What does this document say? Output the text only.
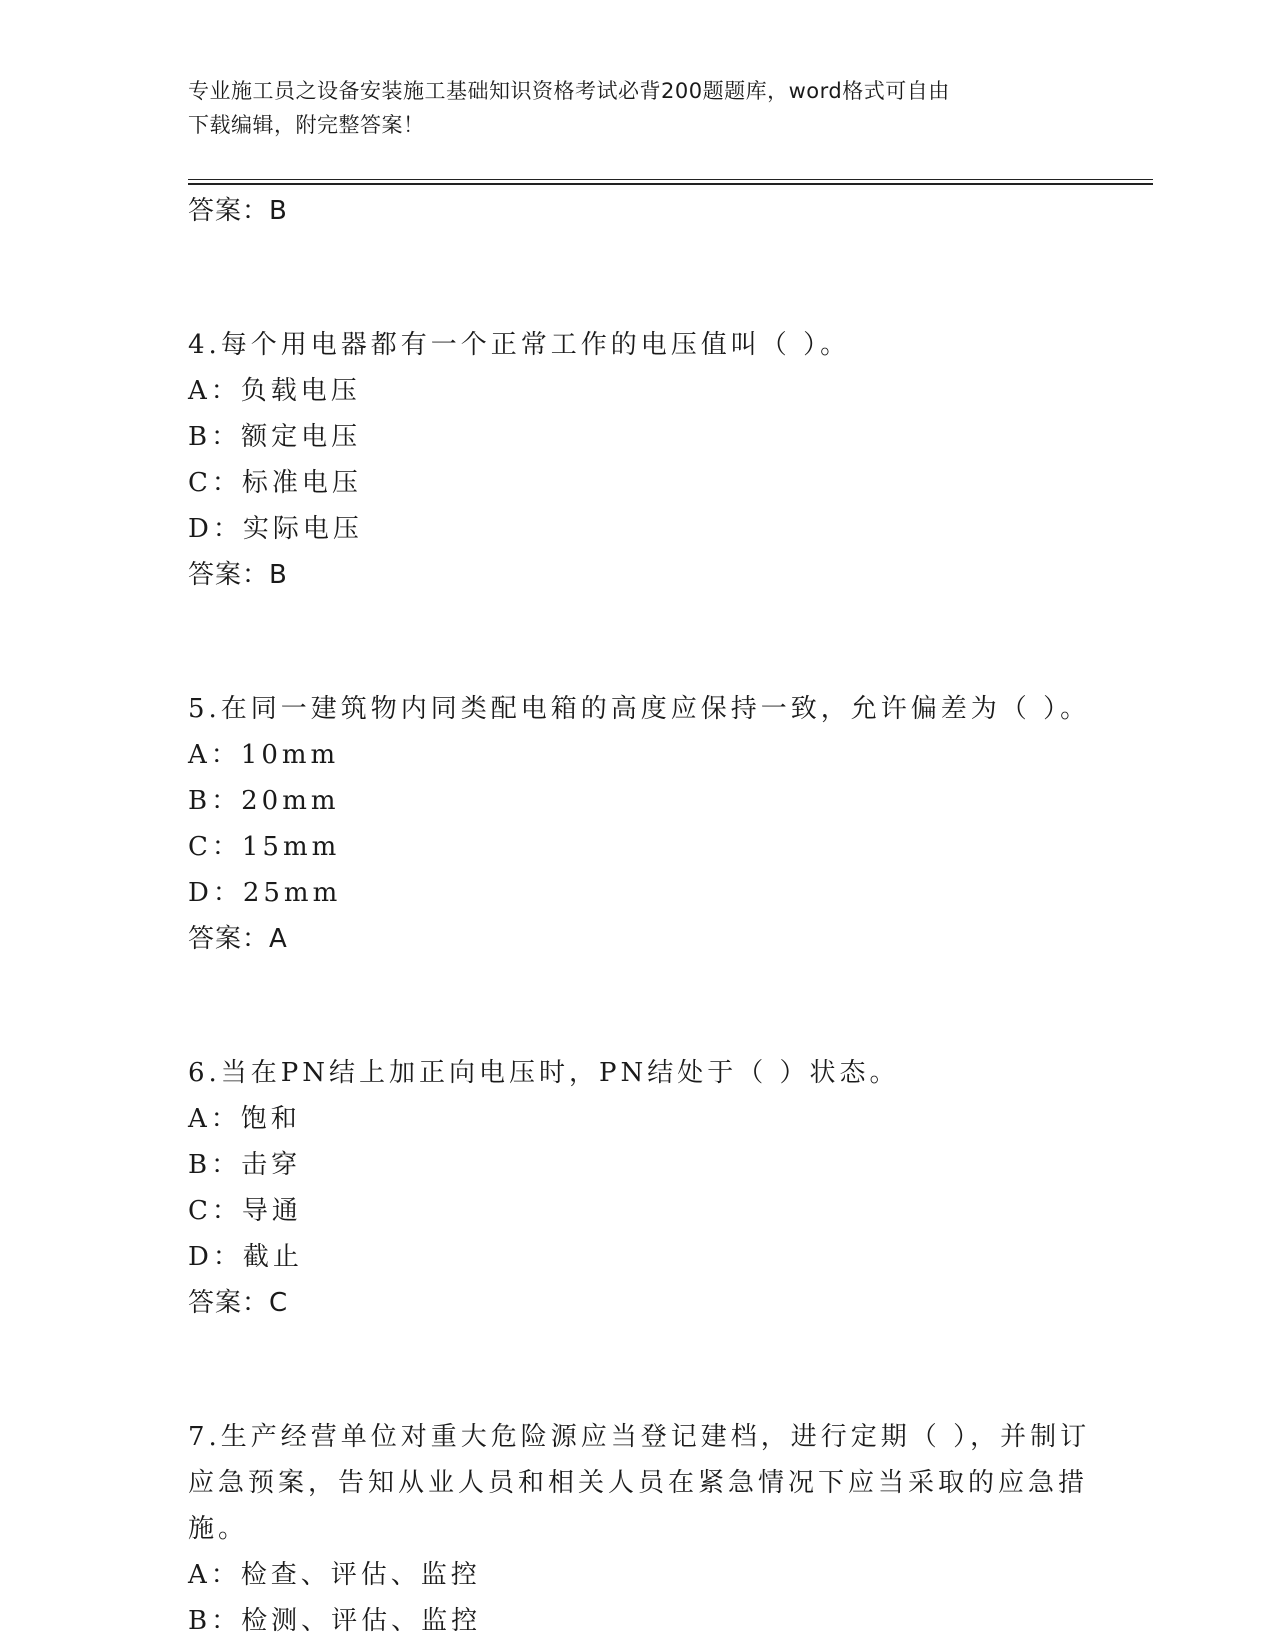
专业施工员之设备安装施工基础知识资格考试必背200题题库，word格式可自由
下载编辑，附完整答案！
答案：B
4.每个用电器都有一个正常工作的电压值叫（ ）。
A：负载电压
B：额定电压
C：标准电压
D：实际电压
答案：B
5.在同一建筑物内同类配电箱的高度应保持一致，允许偏差为（ ）。
A：10mm
B：20mm
C：15mm
D：25mm
答案：A
6.当在PN结上加正向电压时，PN结处于（ ）状态。
A：饱和
B：击穿
C：导通
D：截止
答案：C
7.生产经营单位对重大危险源应当登记建档，进行定期（ ），并制订
应急预案，告知从业人员和相关人员在紧急情况下应当采取的应急措
施。
A：检查、评估、监控
B：检测、评估、监控
